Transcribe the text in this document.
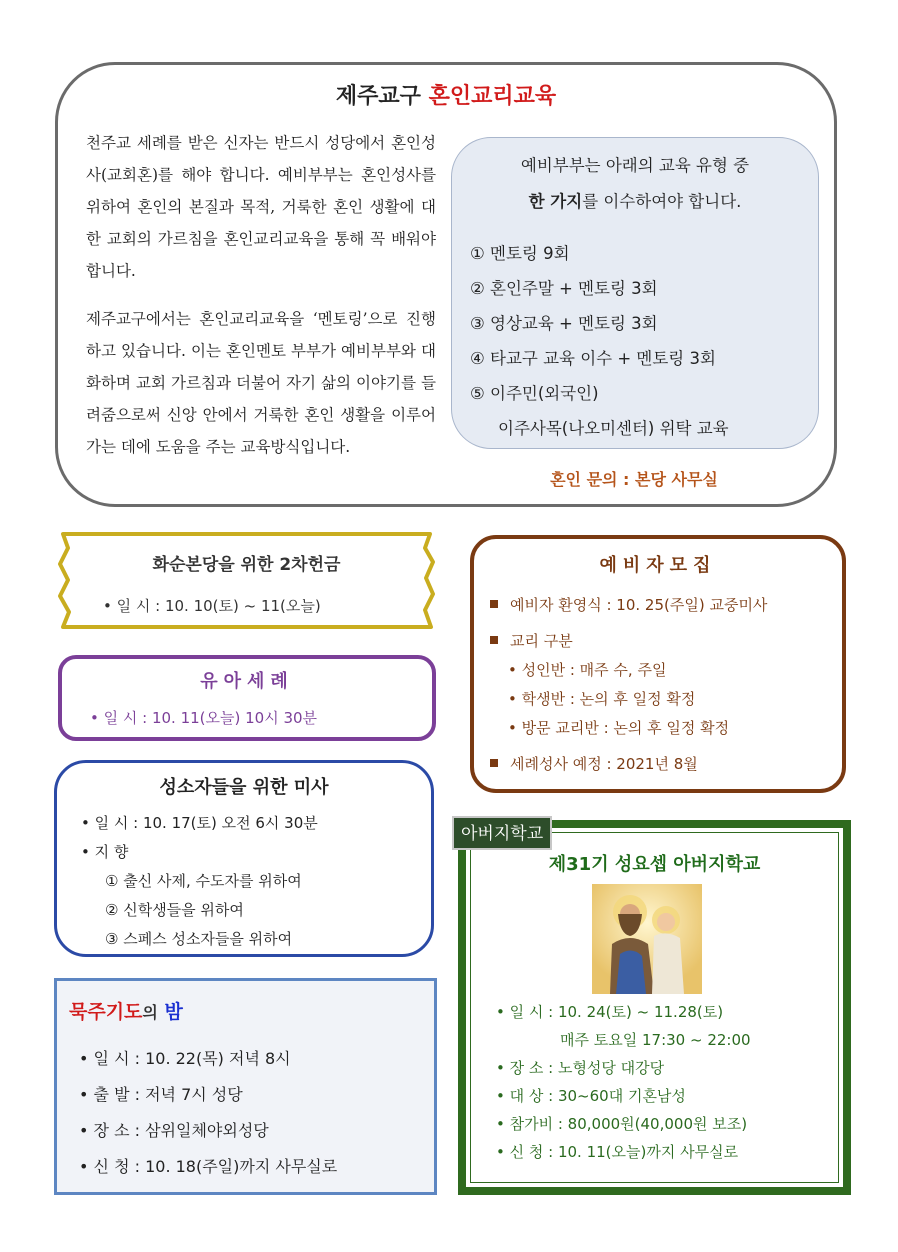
제주교구 혼인교리교육
천주교 세례를 받은 신자는 반드시 성당에서 혼인성사(교회혼)를 해야 합니다. 예비부부는 혼인성사를 위하여 혼인의 본질과 목적, 거룩한 혼인 생활에 대한 교회의 가르침을 혼인교리교육을 통해 꼭 배워야 합니다.
제주교구에서는 혼인교리교육을 ‘멘토링’으로 진행하고 있습니다. 이는 혼인멘토 부부가 예비부부와 대화하며 교회 가르침과 더불어 자기 삶의 이야기를 들려줌으로써 신앙 안에서 거룩한 혼인 생활을 이루어가는 데에 도움을 주는 교육방식입니다.
예비부부는 아래의 교육 유형 중
한 가지를 이수하여야 합니다.
① 멘토링 9회
② 혼인주말 + 멘토링 3회
③ 영상교육 + 멘토링 3회
④ 타교구 교육 이수 + 멘토링 3회
⑤ 이주민(외국인)
이주사목(나오미센터) 위탁 교육
혼인 문의 : 본당 사무실
화순본당을 위한 2차헌금
• 일 시 : 10. 10(토) ~ 11(오늘)
유아세례
• 일 시 : 10. 11(오늘) 10시 30분
성소자들을 위한 미사
• 일 시 : 10. 17(토) 오전 6시 30분
• 지 향
① 출신 사제, 수도자를 위하여
② 신학생들을 위하여
③ 스페스 성소자들을 위하여
묵주기도의 밤
• 일 시 : 10. 22(목) 저녁 8시
• 출 발 : 저녁 7시 성당
• 장 소 : 삼위일체야외성당
• 신 청 : 10. 18(주일)까지 사무실로
예비자모집
예비자 환영식 : 10. 25(주일) 교중미사
교리 구분
• 성인반 : 매주 수, 주일
• 학생반 : 논의 후 일정 확정
• 방문 교리반 : 논의 후 일정 확정
세례성사 예정 : 2021년 8월
제31기 성요셉 아버지학교
• 일 시 : 10. 24(토) ~ 11.28(토)
매주 토요일 17:30 ~ 22:00
• 장 소 : 노형성당 대강당
• 대 상 : 30~60대 기혼남성
• 참가비 : 80,000원(40,000원 보조)
• 신 청 : 10. 11(오늘)까지 사무실로
아버지학교
